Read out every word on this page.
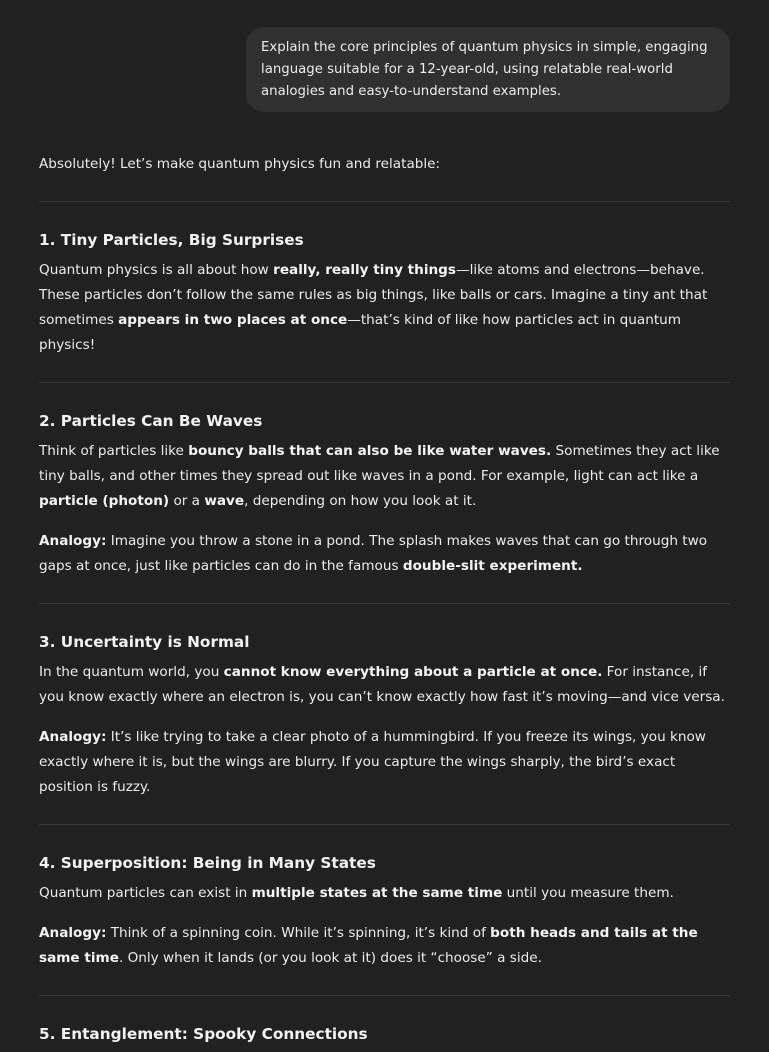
Explain the core principles of quantum physics in simple, engaging language suitable for a 12-year-old, using relatable real-world analogies and easy-to-understand examples.

Absolutely! Let’s make quantum physics fun and relatable:

1. Tiny Particles, Big Surprises

Quantum physics is all about how really, really tiny things—like atoms and electrons—behave. These particles don’t follow the same rules as big things, like balls or cars. Imagine a tiny ant that sometimes appears in two places at once—that’s kind of like how particles act in quantum physics!

2. Particles Can Be Waves

Think of particles like bouncy balls that can also be like water waves. Sometimes they act like tiny balls, and other times they spread out like waves in a pond. For example, light can act like a particle (photon) or a wave, depending on how you look at it.

Analogy: Imagine you throw a stone in a pond. The splash makes waves that can go through two gaps at once, just like particles can do in the famous double-slit experiment.

3. Uncertainty is Normal

In the quantum world, you cannot know everything about a particle at once. For instance, if you know exactly where an electron is, you can’t know exactly how fast it’s moving—and vice versa.

Analogy: It’s like trying to take a clear photo of a hummingbird. If you freeze its wings, you know exactly where it is, but the wings are blurry. If you capture the wings sharply, the bird’s exact position is fuzzy.

4. Superposition: Being in Many States

Quantum particles can exist in multiple states at the same time until you measure them.

Analogy: Think of a spinning coin. While it’s spinning, it’s kind of both heads and tails at the same time. Only when it lands (or you look at it) does it “choose” a side.

5. Entanglement: Spooky Connections
